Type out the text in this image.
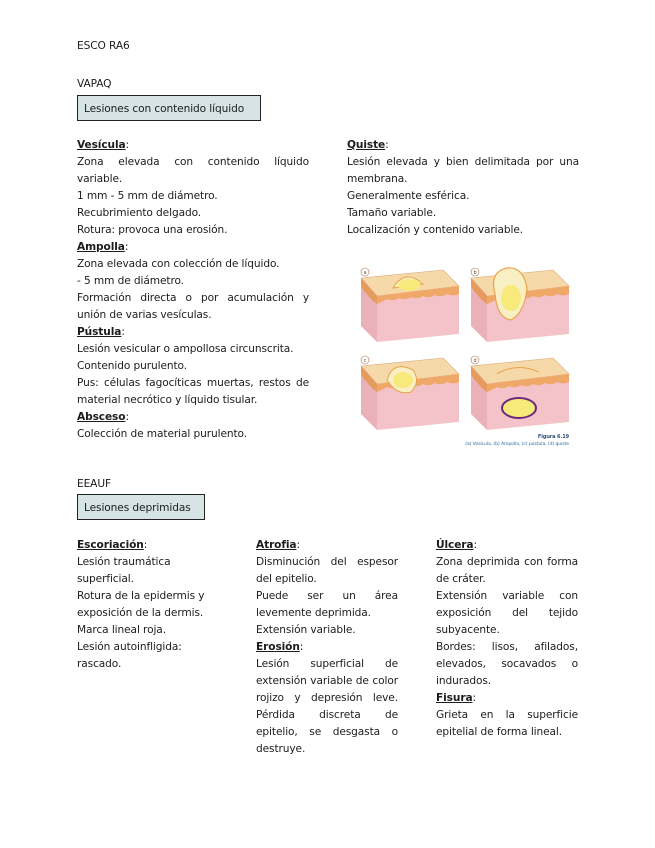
ESCO RA6
VAPAQ
Lesiones con contenido líquido

Vesícula:

Zona elevada con contenido líquido variable.

1 mm - 5 mm de diámetro.

Recubrimiento delgado.

Rotura: provoca una erosión.

Ampolla:

Zona elevada con colección de líquido.

- 5 mm de diámetro.

Formación directa o por acumulación y unión de varias vesículas.

Pústula:

Lesión vesicular o ampollosa circunscrita.

Contenido purulento.

Pus: células fagocíticas muertas, restos de material necrótico y líquido tisular.

Absceso:

Colección de material purulento.

Quiste:

Lesión elevada y bien delimitada por una membrana.

Generalmente esférica.

Tamaño variable.

Localización y contenido variable.

a	b
c	d
Figura 6.19
(a) Vesícula, (b) Ampolla, (c) pústula, (d) quiste
EEAUF
Lesiones deprimidas

Escoriación:

Lesión traumática superficial.

Rotura de la epidermis y exposición de la dermis.

Marca lineal roja.

Lesión autoinfligida: rascado.

Atrofia:

Disminución del espesor del epitelio.

Puede ser un área levemente deprimida.

Extensión variable.

Erosión:

Lesión superficial de extensión variable de color rojizo y depresión leve. Pérdida discreta de epitelio, se desgasta o destruye.

Úlcera:

Zona deprimida con forma de cráter.

Extensión variable con exposición del tejido subyacente.

Bordes: lisos, afilados, elevados, socavados o indurados.

Fisura:

Grieta en la superficie epitelial de forma lineal.
